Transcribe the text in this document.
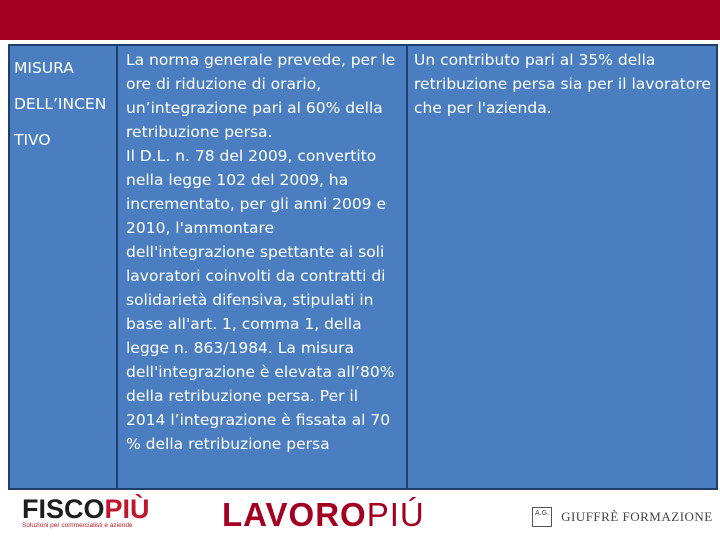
MISURA
DELL’INCEN
TIVO

La norma generale prevede, per le ore di riduzione di orario, un’integrazione pari al 60% della retribuzione persa.

Il D.L. n. 78 del 2009, convertito nella legge 102 del 2009, ha incrementato, per gli anni 2009 e 2010, l'ammontare dell'integrazione spettante ai soli lavoratori coinvolti da contratti di solidarietà difensiva, stipulati in base all'art. 1, comma 1, della legge n. 863/1984. La misura dell'integrazione è elevata all’80% della retribuzione persa. Per il 2014 l’integrazione è fissata al 70 % della retribuzione persa

Un contributo pari al 35% della retribuzione persa sia per il lavoratore che per l'azienda.

FISCOPIÙ
Soluzioni per commercialisti e aziende	LAVOROPIÚ	A.G. GIUFFRÈ FORMAZIONE
